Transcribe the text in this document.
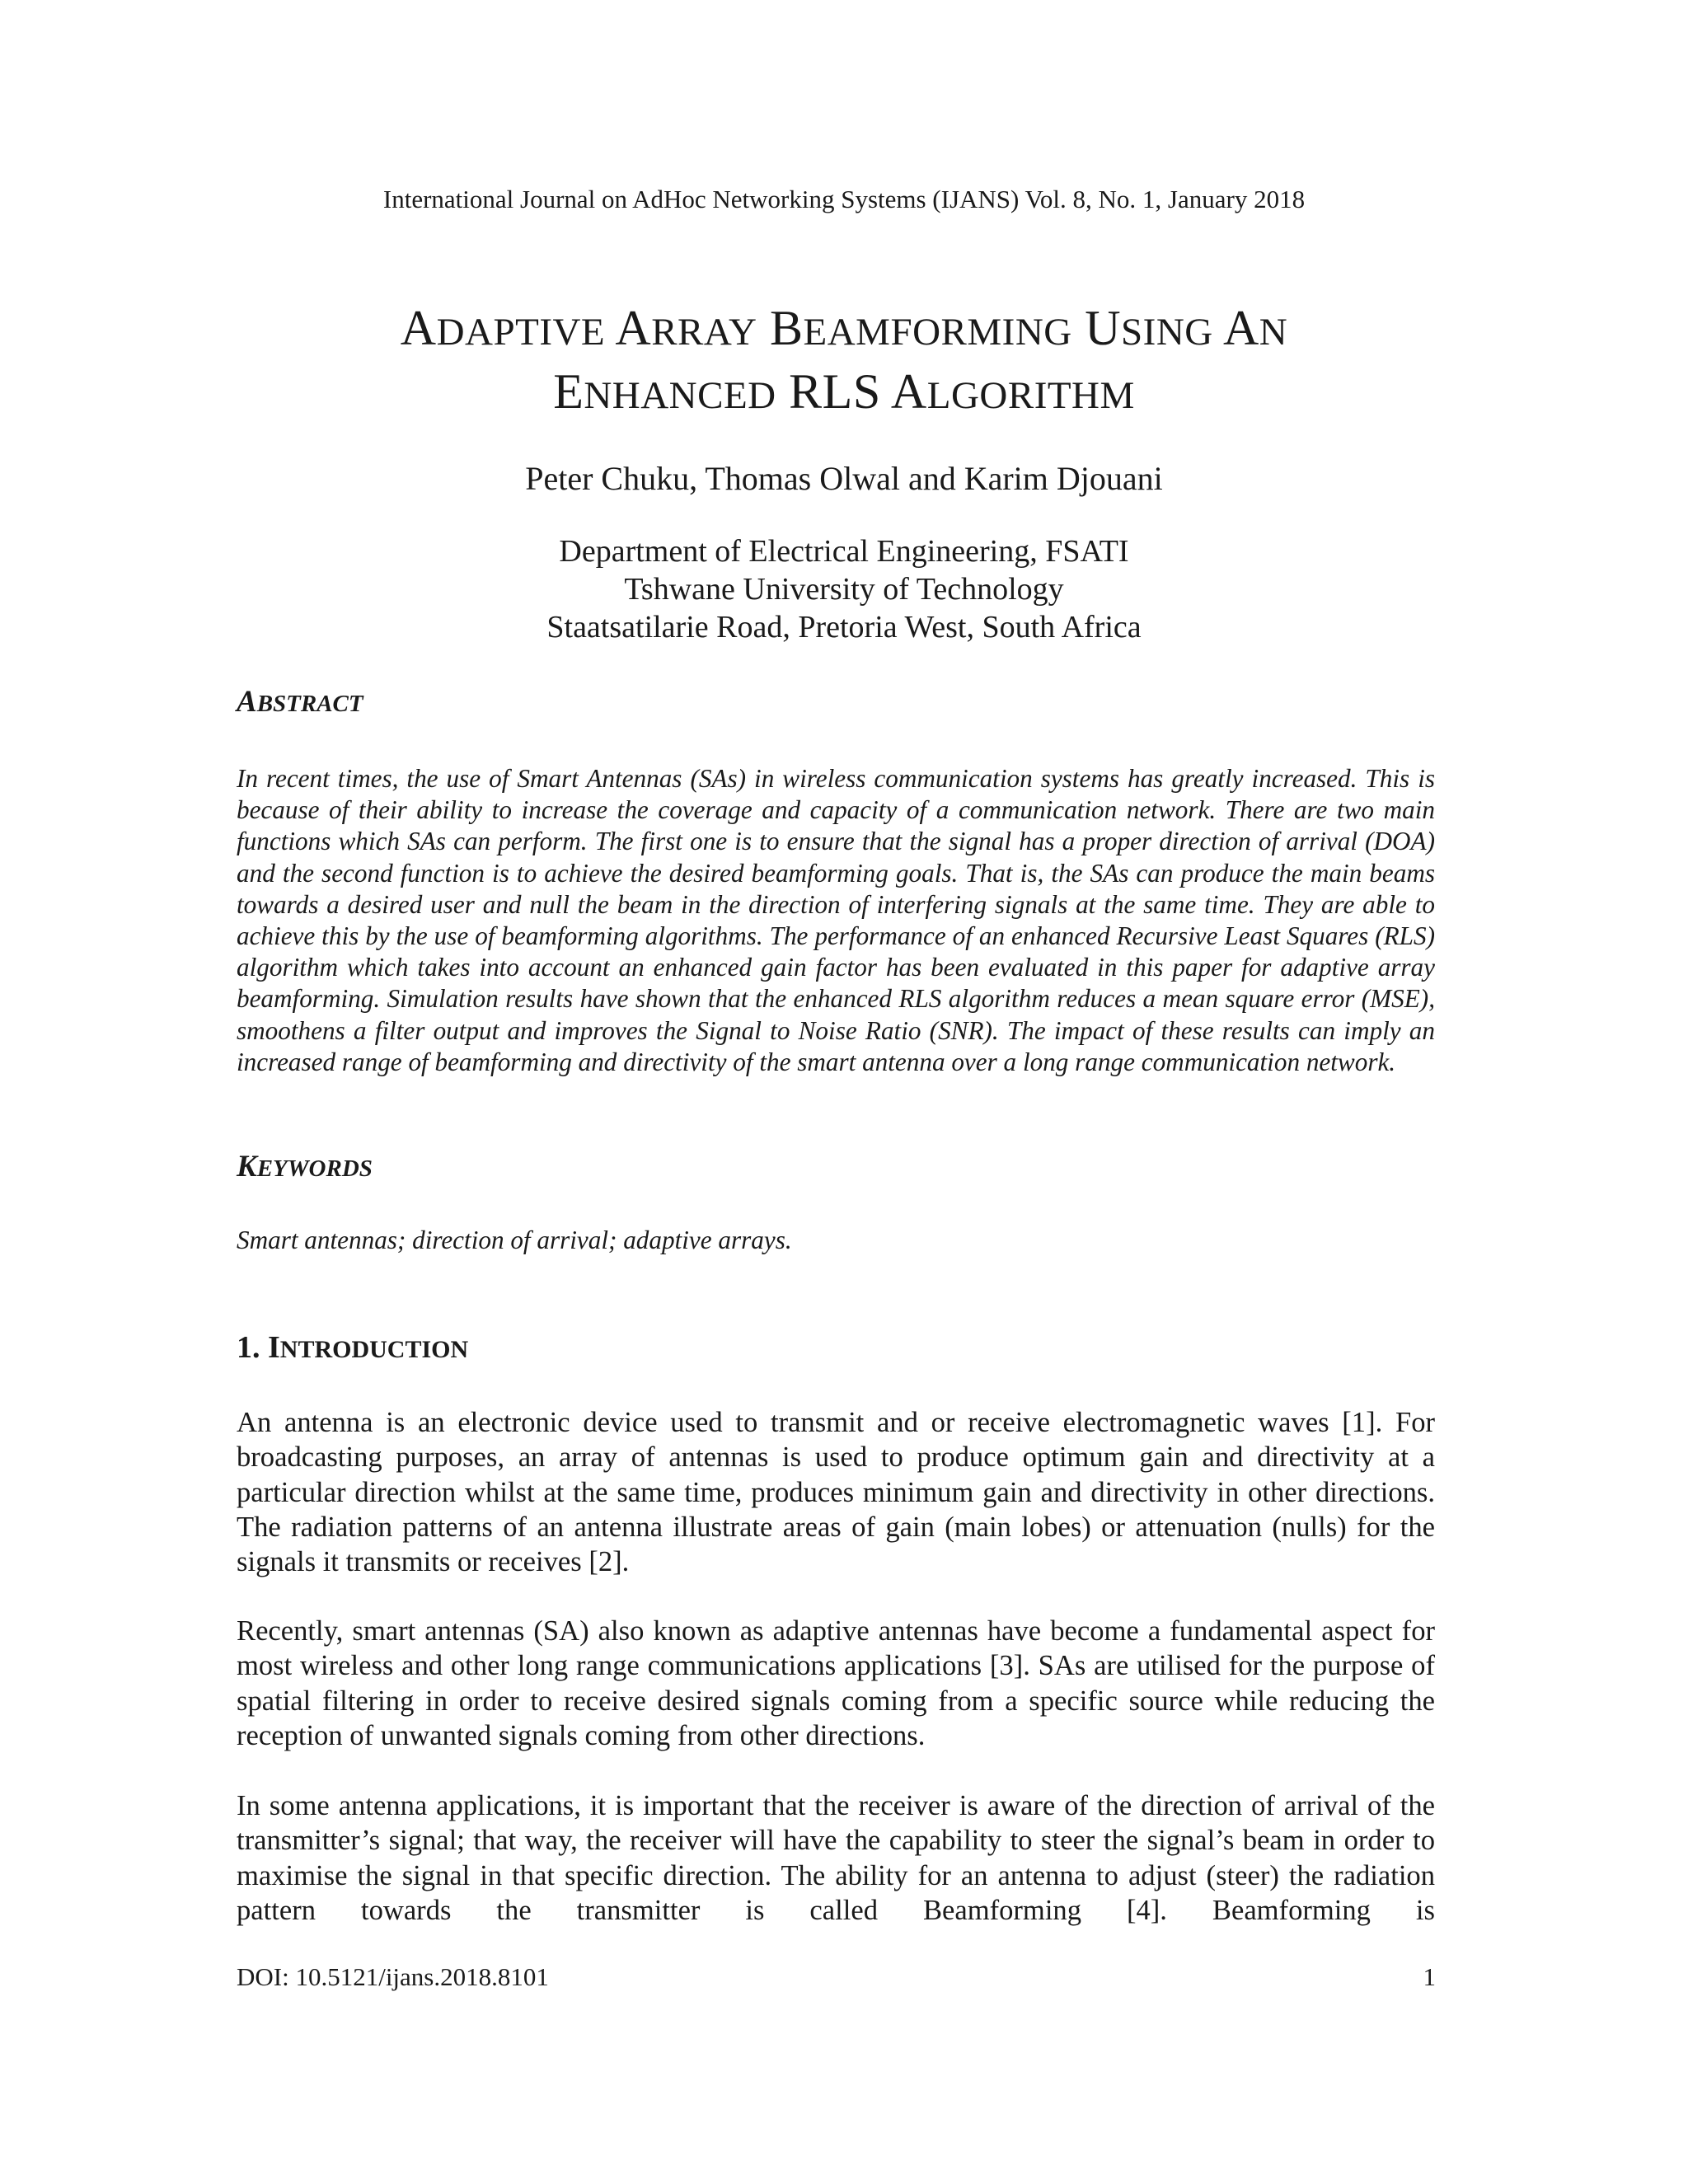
International Journal on AdHoc Networking Systems (IJANS) Vol. 8, No. 1, January 2018
ADAPTIVE ARRAY BEAMFORMING USING AN
ENHANCED RLS ALGORITHM
Peter Chuku, Thomas Olwal and Karim Djouani
Department of Electrical Engineering, FSATI
Tshwane University of Technology
Staatsatilarie Road, Pretoria West, South Africa
ABSTRACT
In recent times, the use of Smart Antennas (SAs) in wireless communication systems has greatly increased. This is because of their ability to increase the coverage and capacity of a communication network. There are two main functions which SAs can perform. The first one is to ensure that the signal has a proper direction of arrival (DOA) and the second function is to achieve the desired beamforming goals. That is, the SAs can produce the main beams towards a desired user and null the beam in the direction of interfering signals at the same time. They are able to achieve this by the use of beamforming algorithms. The performance of an enhanced Recursive Least Squares (RLS) algorithm which takes into account an enhanced gain factor has been evaluated in this paper for adaptive array beamforming. Simulation results have shown that the enhanced RLS algorithm reduces a mean square error (MSE), smoothens a filter output and improves the Signal to Noise Ratio (SNR). The impact of these results can imply an increased range of beamforming and directivity of the smart antenna over a long range communication network.
KEYWORDS
Smart antennas; direction of arrival; adaptive arrays.
1. INTRODUCTION
An antenna is an electronic device used to transmit and or receive electromagnetic waves [1]. For broadcasting purposes, an array of antennas is used to produce optimum gain and directivity at a particular direction whilst at the same time, produces minimum gain and directivity in other directions. The radiation patterns of an antenna illustrate areas of gain (main lobes) or attenuation (nulls) for the signals it transmits or receives [2].
Recently, smart antennas (SA) also known as adaptive antennas have become a fundamental aspect for most wireless and other long range communications applications [3]. SAs are utilised for the purpose of spatial filtering in order to receive desired signals coming from a specific source while reducing the reception of unwanted signals coming from other directions.
In some antenna applications, it is important that the receiver is aware of the direction of arrival of the transmitter’s signal; that way, the receiver will have the capability to steer the signal’s beam in order to maximise the signal in that specific direction. The ability for an antenna to adjust (steer) the radiation pattern towards the transmitter is called Beamforming [4]. Beamforming is
DOI: 10.5121/ijans.2018.8101	1
